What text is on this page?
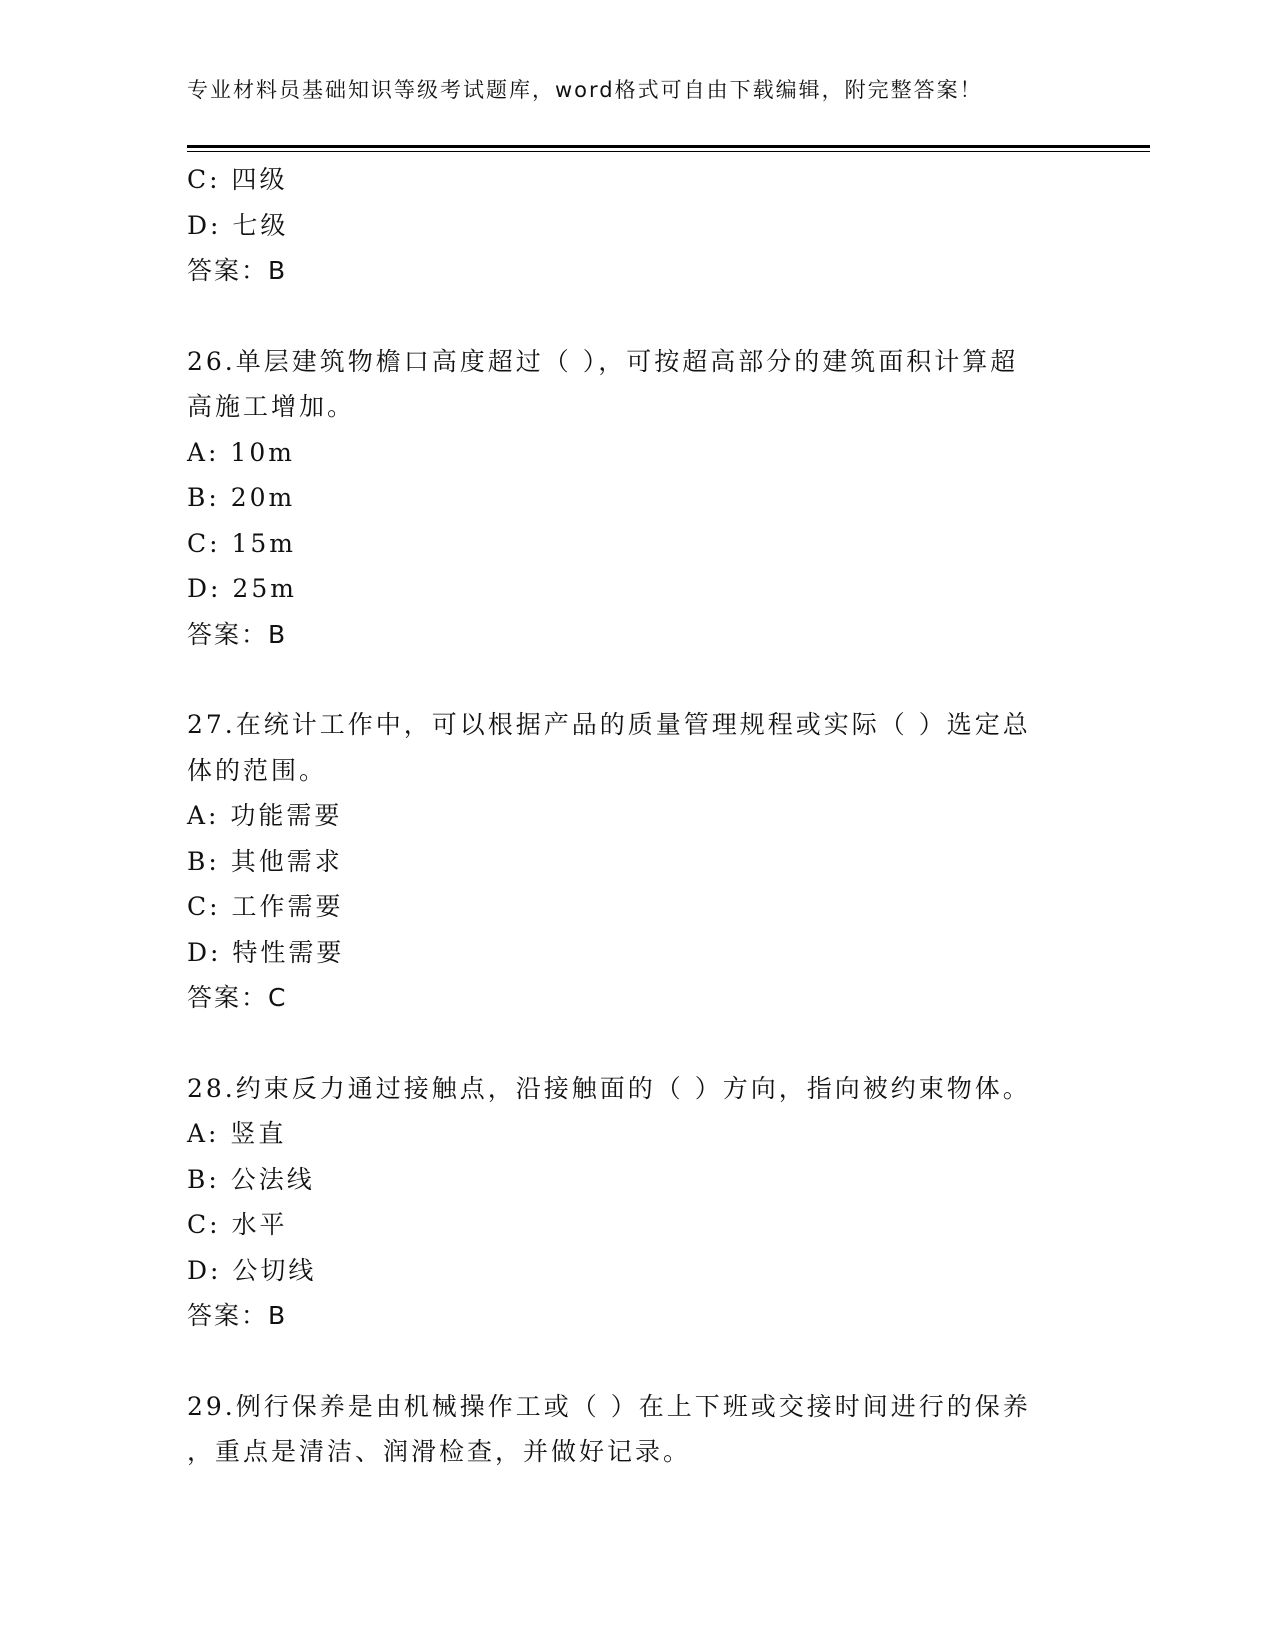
专业材料员基础知识等级考试题库，word格式可自由下载编辑，附完整答案！
C: 四级
D: 七级
答案：B
26.单层建筑物檐口高度超过（ ），可按超高部分的建筑面积计算超
高施工增加。
A: 10m
B: 20m
C: 15m
D: 25m
答案：B
27.在统计工作中，可以根据产品的质量管理规程或实际（ ）选定总
体的范围。
A: 功能需要
B: 其他需求
C: 工作需要
D: 特性需要
答案：C
28.约束反力通过接触点，沿接触面的（ ）方向，指向被约束物体。
A: 竖直
B: 公法线
C: 水平
D: 公切线
答案：B
29.例行保养是由机械操作工或（ ）在上下班或交接时间进行的保养
，重点是清洁、润滑检查，并做好记录。
